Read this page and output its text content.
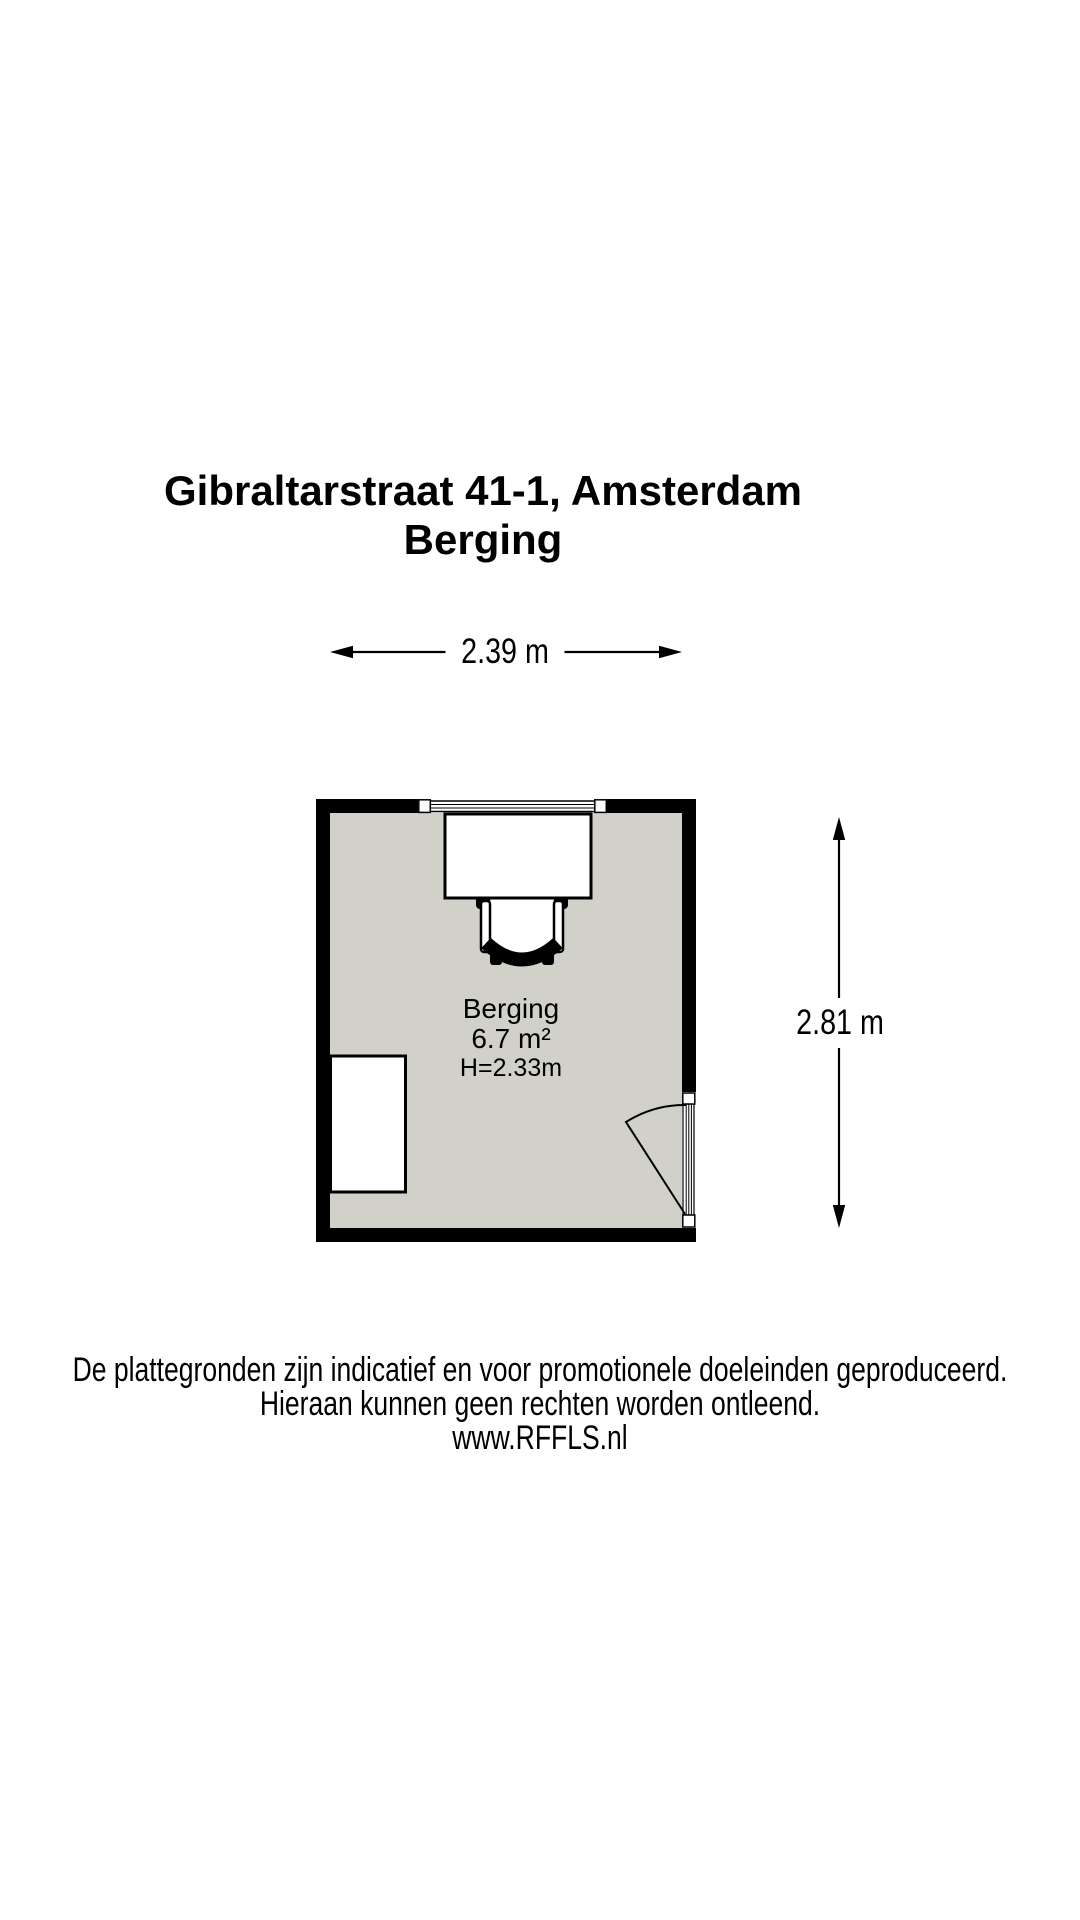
Gibraltarstraat 41-1, Amsterdam
Berging
2.39 m
2.81 m
Berging
6.7 m²
H=2.33m
De plattegronden zijn indicatief en voor promotionele doeleinden geproduceerd.
Hieraan kunnen geen rechten worden ontleend.
www.RFFLS.nl
